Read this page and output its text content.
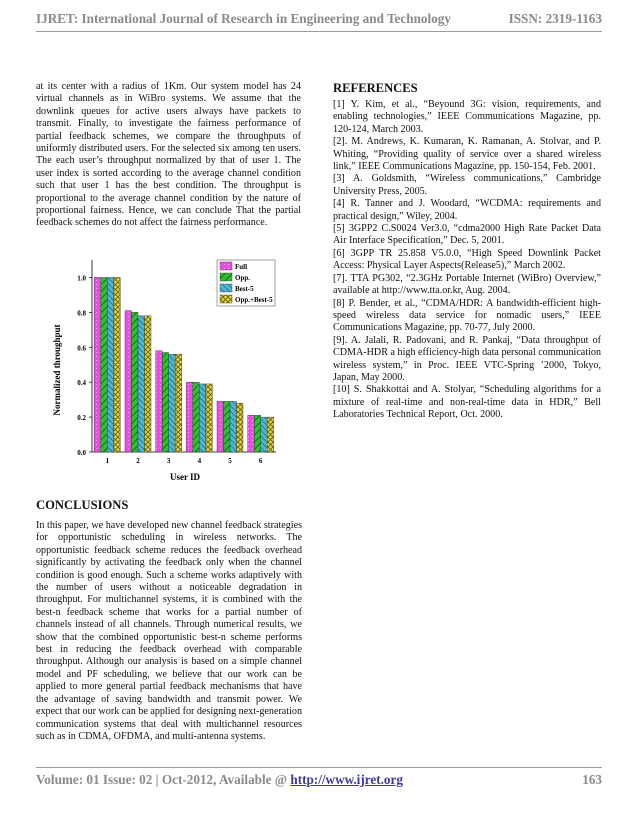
IJRET: International Journal of Research in Engineering and Technology	ISSN: 2319-1163

at its center with a radius of 1Km. Our system model has 24 virtual channels as in WiBro systems. We assume that the downlink queues for active users always have packets to transmit. Finally, to investigate the fairness performance of partial feedback schemes, we compare the throughputs of uniformly distributed users. For the selected six among ten users. The each user’s throughput normalized by that of user 1. The user index is sorted according to the average channel condition such that user 1 has the best condition. The throughput is proportional to the average channel condition by the nature of proportional fairness. Hence, we can conclude That the partial feedback schemes do not affect the fairness performance.

Normalized throughput
User ID
0.0
0.2
0.4
0.6
0.8
1.0
1	2	3	4	5	6
Full
Opp.
Best-5
Opp.+Best-5
CONCLUSIONS

In this paper, we have developed new channel feedback strategies for opportunistic scheduling in wireless networks. The opportunistic feedback scheme reduces the feedback overhead significantly by activating the feedback only when the channel condition is good enough. Such a scheme works adaptively with the number of users without a noticeable degradation in throughput. For multichannel systems, it is combined with the best-n feedback scheme that works for a partial number of channels instead of all channels. Through numerical results, we show that the combined opportunistic best-n scheme performs best in reducing the feedback overhead with comparable throughput. Although our analysis is based on a simple channel model and PF scheduling, we believe that our work can be applied to more general partial feedback mechanisms that have the advantage of saving bandwidth and transmit power. We expect that our work can be applied for designing next-generation communication systems that deal with multichannel resources such as in CDMA, OFDMA, and multi-antenna systems.

REFERENCES

[1] Y. Kim, et al., “Beyound 3G: vision, requirements, and enabling technologies,” IEEE Communications Magazine, pp. 120-124, March 2003.

[2]. M. Andrews, K. Kumaran, K. Ramanan, A. Stolvar, and P. Whiting, “Providing quality of service over a shared wireless link,” IEEE Communications Magazine, pp. 150-154, Feb. 2001.

[3] A. Goldsmith, “Wireless communications,” Cambridge University Press, 2005.

[4] R. Tanner and J. Woodard, “WCDMA: requirements and practical design,” Wiley, 2004.

[5] 3GPP2 C.S0024 Ver3.0, “cdma2000 High Rate Packet Data Air Interface Specification,” Dec. 5, 2001.

[6] 3GPP TR 25.858 V5.0.0, “High Speed Downlink Packet Access: Physical Layer Aspects(Release5),” March 2002.

[7]. TTA PG302, “2.3GHz Portable Internet (WiBro) Overview,” available at http://www.tta.or.kr, Aug. 2004.

[8] P. Bender, et al., “CDMA/HDR: A bandwidth-efficient high-speed wireless data service for nomadic users,” IEEE Communications Magazine, pp. 70-77, July 2000.

[9]. A. Jalali, R. Padovani, and R. Pankaj, “Data throughput of CDMA-HDR a high efficiency-high data personal communication wireless system,” in Proc. IEEE VTC-Spring ’2000, Tokyo, Japan, May 2000.

[10] S. Shakkottai and A. Stolyar, “Scheduling algorithms for a mixture of real-time and non-real-time data in HDR,” Bell Laboratories Technical Report, Oct. 2000.

Volume: 01 Issue: 02 | Oct-2012, Available @ http://www.ijret.org	163
